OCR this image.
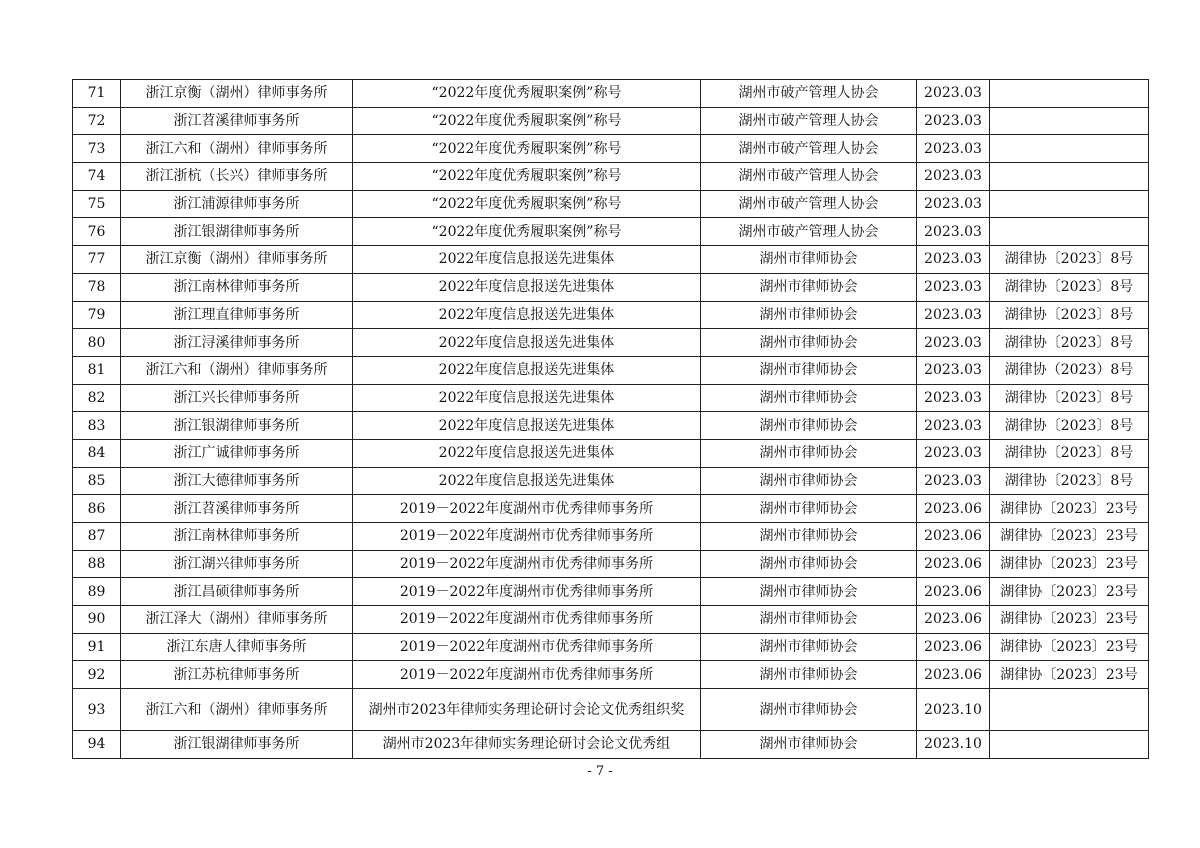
71	浙江京衡（湖州）律师事务所	“2022年度优秀履职案例”称号	湖州市破产管理人协会	2023.03	
72	浙江苕溪律师事务所	“2022年度优秀履职案例”称号	湖州市破产管理人协会	2023.03	
73	浙江六和（湖州）律师事务所	“2022年度优秀履职案例”称号	湖州市破产管理人协会	2023.03	
74	浙江浙杭（长兴）律师事务所	“2022年度优秀履职案例”称号	湖州市破产管理人协会	2023.03	
75	浙江浦源律师事务所	“2022年度优秀履职案例”称号	湖州市破产管理人协会	2023.03	
76	浙江银湖律师事务所	“2022年度优秀履职案例”称号	湖州市破产管理人协会	2023.03	
77	浙江京衡（湖州）律师事务所	2022年度信息报送先进集体	湖州市律师协会	2023.03	湖律协〔2023〕8号
78	浙江南林律师事务所	2022年度信息报送先进集体	湖州市律师协会	2023.03	湖律协〔2023〕8号
79	浙江理直律师事务所	2022年度信息报送先进集体	湖州市律师协会	2023.03	湖律协〔2023〕8号
80	浙江浔溪律师事务所	2022年度信息报送先进集体	湖州市律师协会	2023.03	湖律协〔2023〕8号
81	浙江六和（湖州）律师事务所	2022年度信息报送先进集体	湖州市律师协会	2023.03	湖律协（2023）8号
82	浙江兴长律师事务所	2022年度信息报送先进集体	湖州市律师协会	2023.03	湖律协〔2023〕8号
83	浙江银湖律师事务所	2022年度信息报送先进集体	湖州市律师协会	2023.03	湖律协〔2023〕8号
84	浙江广诚律师事务所	2022年度信息报送先进集体	湖州市律师协会	2023.03	湖律协〔2023〕8号
85	浙江大德律师事务所	2022年度信息报送先进集体	湖州市律师协会	2023.03	湖律协〔2023〕8号
86	浙江苕溪律师事务所	2019－2022年度湖州市优秀律师事务所	湖州市律师协会	2023.06	湖律协〔2023〕23号
87	浙江南林律师事务所	2019－2022年度湖州市优秀律师事务所	湖州市律师协会	2023.06	湖律协〔2023〕23号
88	浙江湖兴律师事务所	2019－2022年度湖州市优秀律师事务所	湖州市律师协会	2023.06	湖律协〔2023〕23号
89	浙江昌硕律师事务所	2019－2022年度湖州市优秀律师事务所	湖州市律师协会	2023.06	湖律协〔2023〕23号
90	浙江泽大（湖州）律师事务所	2019－2022年度湖州市优秀律师事务所	湖州市律师协会	2023.06	湖律协〔2023〕23号
91	浙江东唐人律师事务所	2019－2022年度湖州市优秀律师事务所	湖州市律师协会	2023.06	湖律协〔2023〕23号
92	浙江苏杭律师事务所	2019－2022年度湖州市优秀律师事务所	湖州市律师协会	2023.06	湖律协〔2023〕23号
93	浙江六和（湖州）律师事务所	湖州市2023年律师实务理论研讨会论文优秀组织奖	湖州市律师协会	2023.10	
94	浙江银湖律师事务所	湖州市2023年律师实务理论研讨会论文优秀组	湖州市律师协会	2023.10	
- 7 -
